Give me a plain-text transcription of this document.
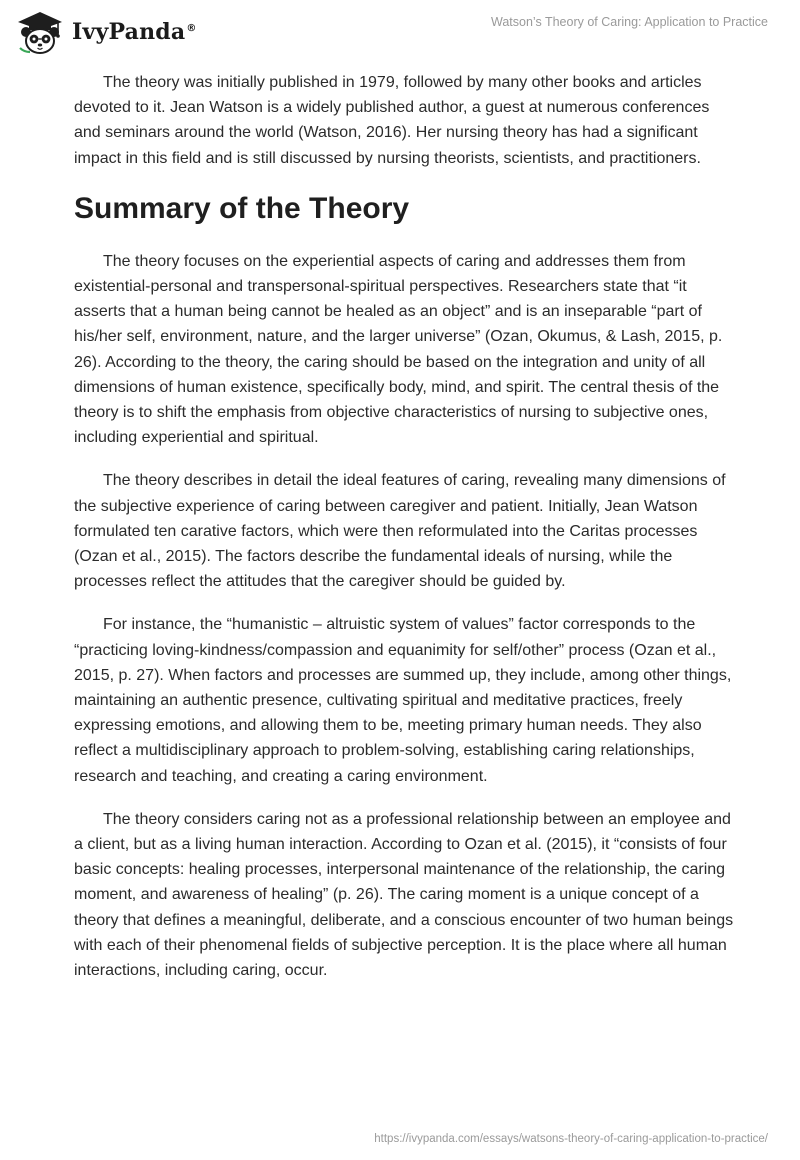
IvyPanda®	Watson’s Theory of Caring: Application to Practice

The theory was initially published in 1979, followed by many other books and articles devoted to it. Jean Watson is a widely published author, a guest at numerous conferences and seminars around the world (Watson, 2016). Her nursing theory has had a significant impact in this field and is still discussed by nursing theorists, scientists, and practitioners.

Summary of the Theory

The theory focuses on the experiential aspects of caring and addresses them from existential-personal and transpersonal-spiritual perspectives. Researchers state that “it asserts that a human being cannot be healed as an object” and is an inseparable “part of his/her self, environment, nature, and the larger universe” (Ozan, Okumus, & Lash, 2015, p. 26). According to the theory, the caring should be based on the integration and unity of all dimensions of human existence, specifically body, mind, and spirit. The central thesis of the theory is to shift the emphasis from objective characteristics of nursing to subjective ones, including experiential and spiritual.

The theory describes in detail the ideal features of caring, revealing many dimensions of the subjective experience of caring between caregiver and patient. Initially, Jean Watson formulated ten carative factors, which were then reformulated into the Caritas processes (Ozan et al., 2015). The factors describe the fundamental ideals of nursing, while the processes reflect the attitudes that the caregiver should be guided by.

For instance, the “humanistic – altruistic system of values” factor corresponds to the “practicing loving-kindness/compassion and equanimity for self/other” process (Ozan et al., 2015, p. 27). When factors and processes are summed up, they include, among other things, maintaining an authentic presence, cultivating spiritual and meditative practices, freely expressing emotions, and allowing them to be, meeting primary human needs. They also reflect a multidisciplinary approach to problem-solving, establishing caring relationships, research and teaching, and creating a caring environment.

The theory considers caring not as a professional relationship between an employee and a client, but as a living human interaction. According to Ozan et al. (2015), it “consists of four basic concepts: healing processes, interpersonal maintenance of the relationship, the caring moment, and awareness of healing” (p. 26). The caring moment is a unique concept of a theory that defines a meaningful, deliberate, and a conscious encounter of two human beings with each of their phenomenal fields of subjective perception. It is the place where all human interactions, including caring, occur.

https://ivypanda.com/essays/watsons-theory-of-caring-application-to-practice/
